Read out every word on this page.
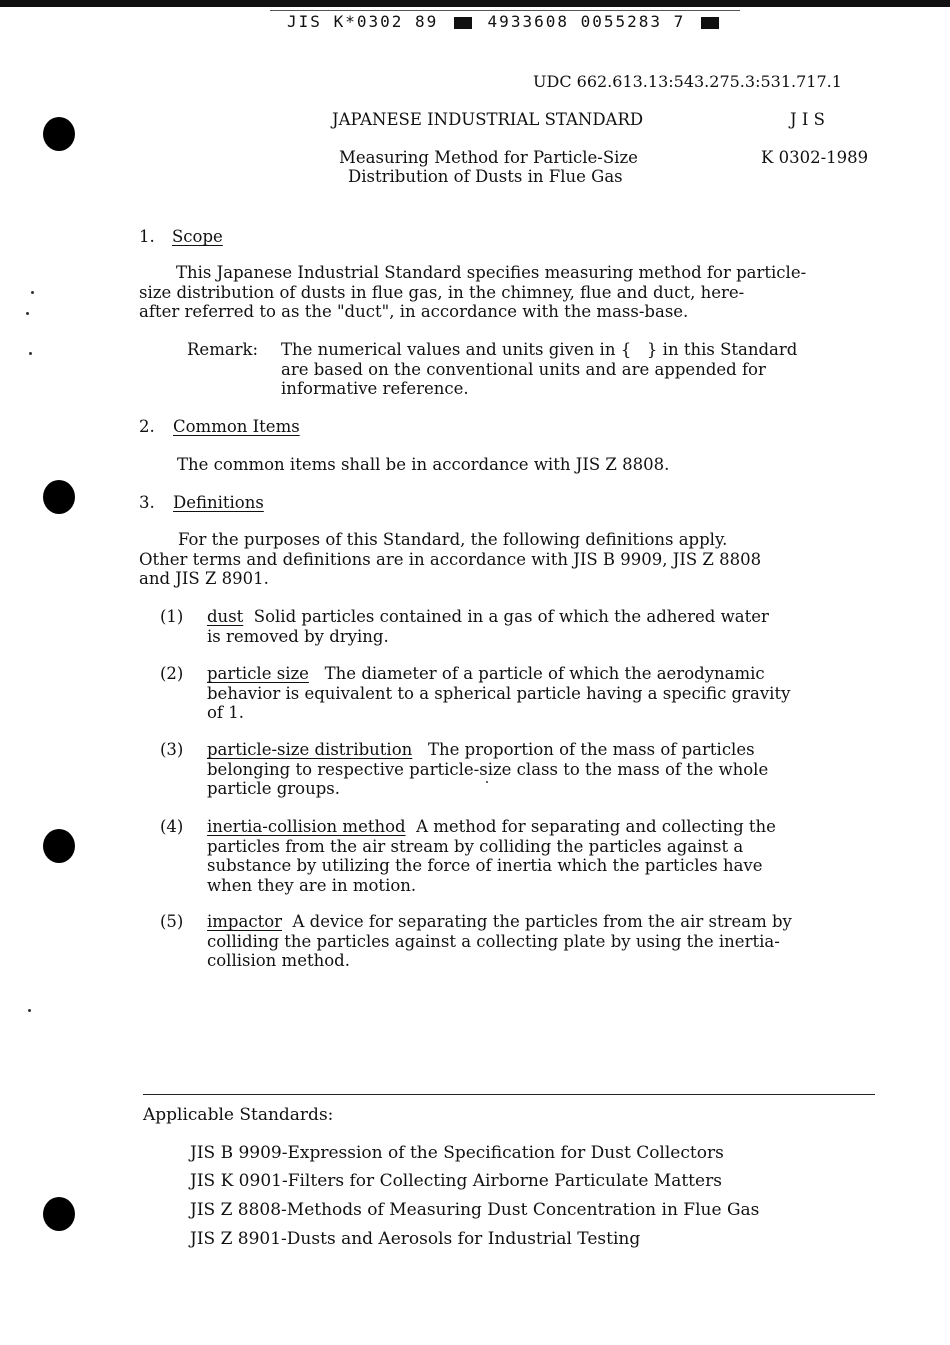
JIS K*0302 89	4933608 0055283 7
UDC 662.613.13:543.275.3:531.717.1
JAPANESE INDUSTRIAL STANDARD	J I S
Measuring Method for Particle-Size
Distribution of Dusts in Flue Gas
K 0302-1989
1. Scope
This Japanese Industrial Standard specifies measuring method for particle-
size distribution of dusts in flue gas, in the chimney, flue and duct, here-
after referred to as the "duct", in accordance with the mass-base.
Remark: The numerical values and units given in {   } in this Standard
are based on the conventional units and are appended for
informative reference.
2. Common Items
The common items shall be in accordance with JIS Z 8808.
3. Definitions
For the purposes of this Standard, the following definitions apply.
Other terms and definitions are in accordance with JIS B 9909, JIS Z 8808
and JIS Z 8901.
(1) dust  Solid particles contained in a gas of which the adhered water
is removed by drying.
(2) particle size   The diameter of a particle of which the aerodynamic
behavior is equivalent to a spherical particle having a specific gravity
of 1.
(3) particle-size distribution   The proportion of the mass of particles
belonging to respective particle-size class to the mass of the whole
particle groups.
(4) inertia-collision method  A method for separating and collecting the
particles from the air stream by colliding the particles against a
substance by utilizing the force of inertia which the particles have
when they are in motion.
(5) impactor  A device for separating the particles from the air stream by
colliding the particles against a collecting plate by using the inertia-
collision method.
Applicable Standards:
JIS B 9909-Expression of the Specification for Dust Collectors
JIS K 0901-Filters for Collecting Airborne Particulate Matters
JIS Z 8808-Methods of Measuring Dust Concentration in Flue Gas
JIS Z 8901-Dusts and Aerosols for Industrial Testing
